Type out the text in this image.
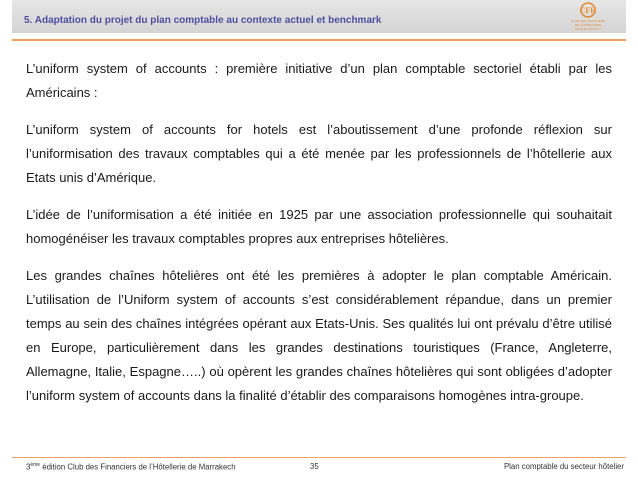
5. Adaptation du projet du plan comptable au contexte actuel et benchmark
CFH
CLUB DES FINANCIERS
DE L'HÔTELLERIE
M A R R A K E C H

L’uniform system of accounts : première initiative d’un plan comptable sectoriel établi par les Américains :

L’uniform system of accounts for hotels est l’aboutissement d’une profonde réflexion sur l’uniformisation des travaux comptables qui a été menée par les professionnels de l’hôtellerie aux Etats unis d’Amérique.

L’idée de l’uniformisation a été initiée en 1925 par une association professionnelle qui souhaitait homogénéiser les travaux comptables propres aux entreprises hôtelières.

Les grandes chaînes hôtelières ont été les premières à adopter le plan comptable Américain. L’utilisation de l’Uniform system of accounts s’est considérablement répandue, dans un premier temps au sein des chaînes intégrées opérant aux Etats-Unis. Ses qualités lui ont prévalu d’être utilisé en Europe, particulièrement dans les grandes destinations touristiques (France, Angleterre, Allemagne, Italie, Espagne…..) où opèrent les grandes chaînes hôtelières qui sont obligées d’adopter l’uniform system of accounts dans la finalité d’établir des comparaisons homogènes intra-groupe.

3ème édition Club des Financiers de l’Hôtellerie de Marrakech	35	Plan comptable du secteur hôtelier
